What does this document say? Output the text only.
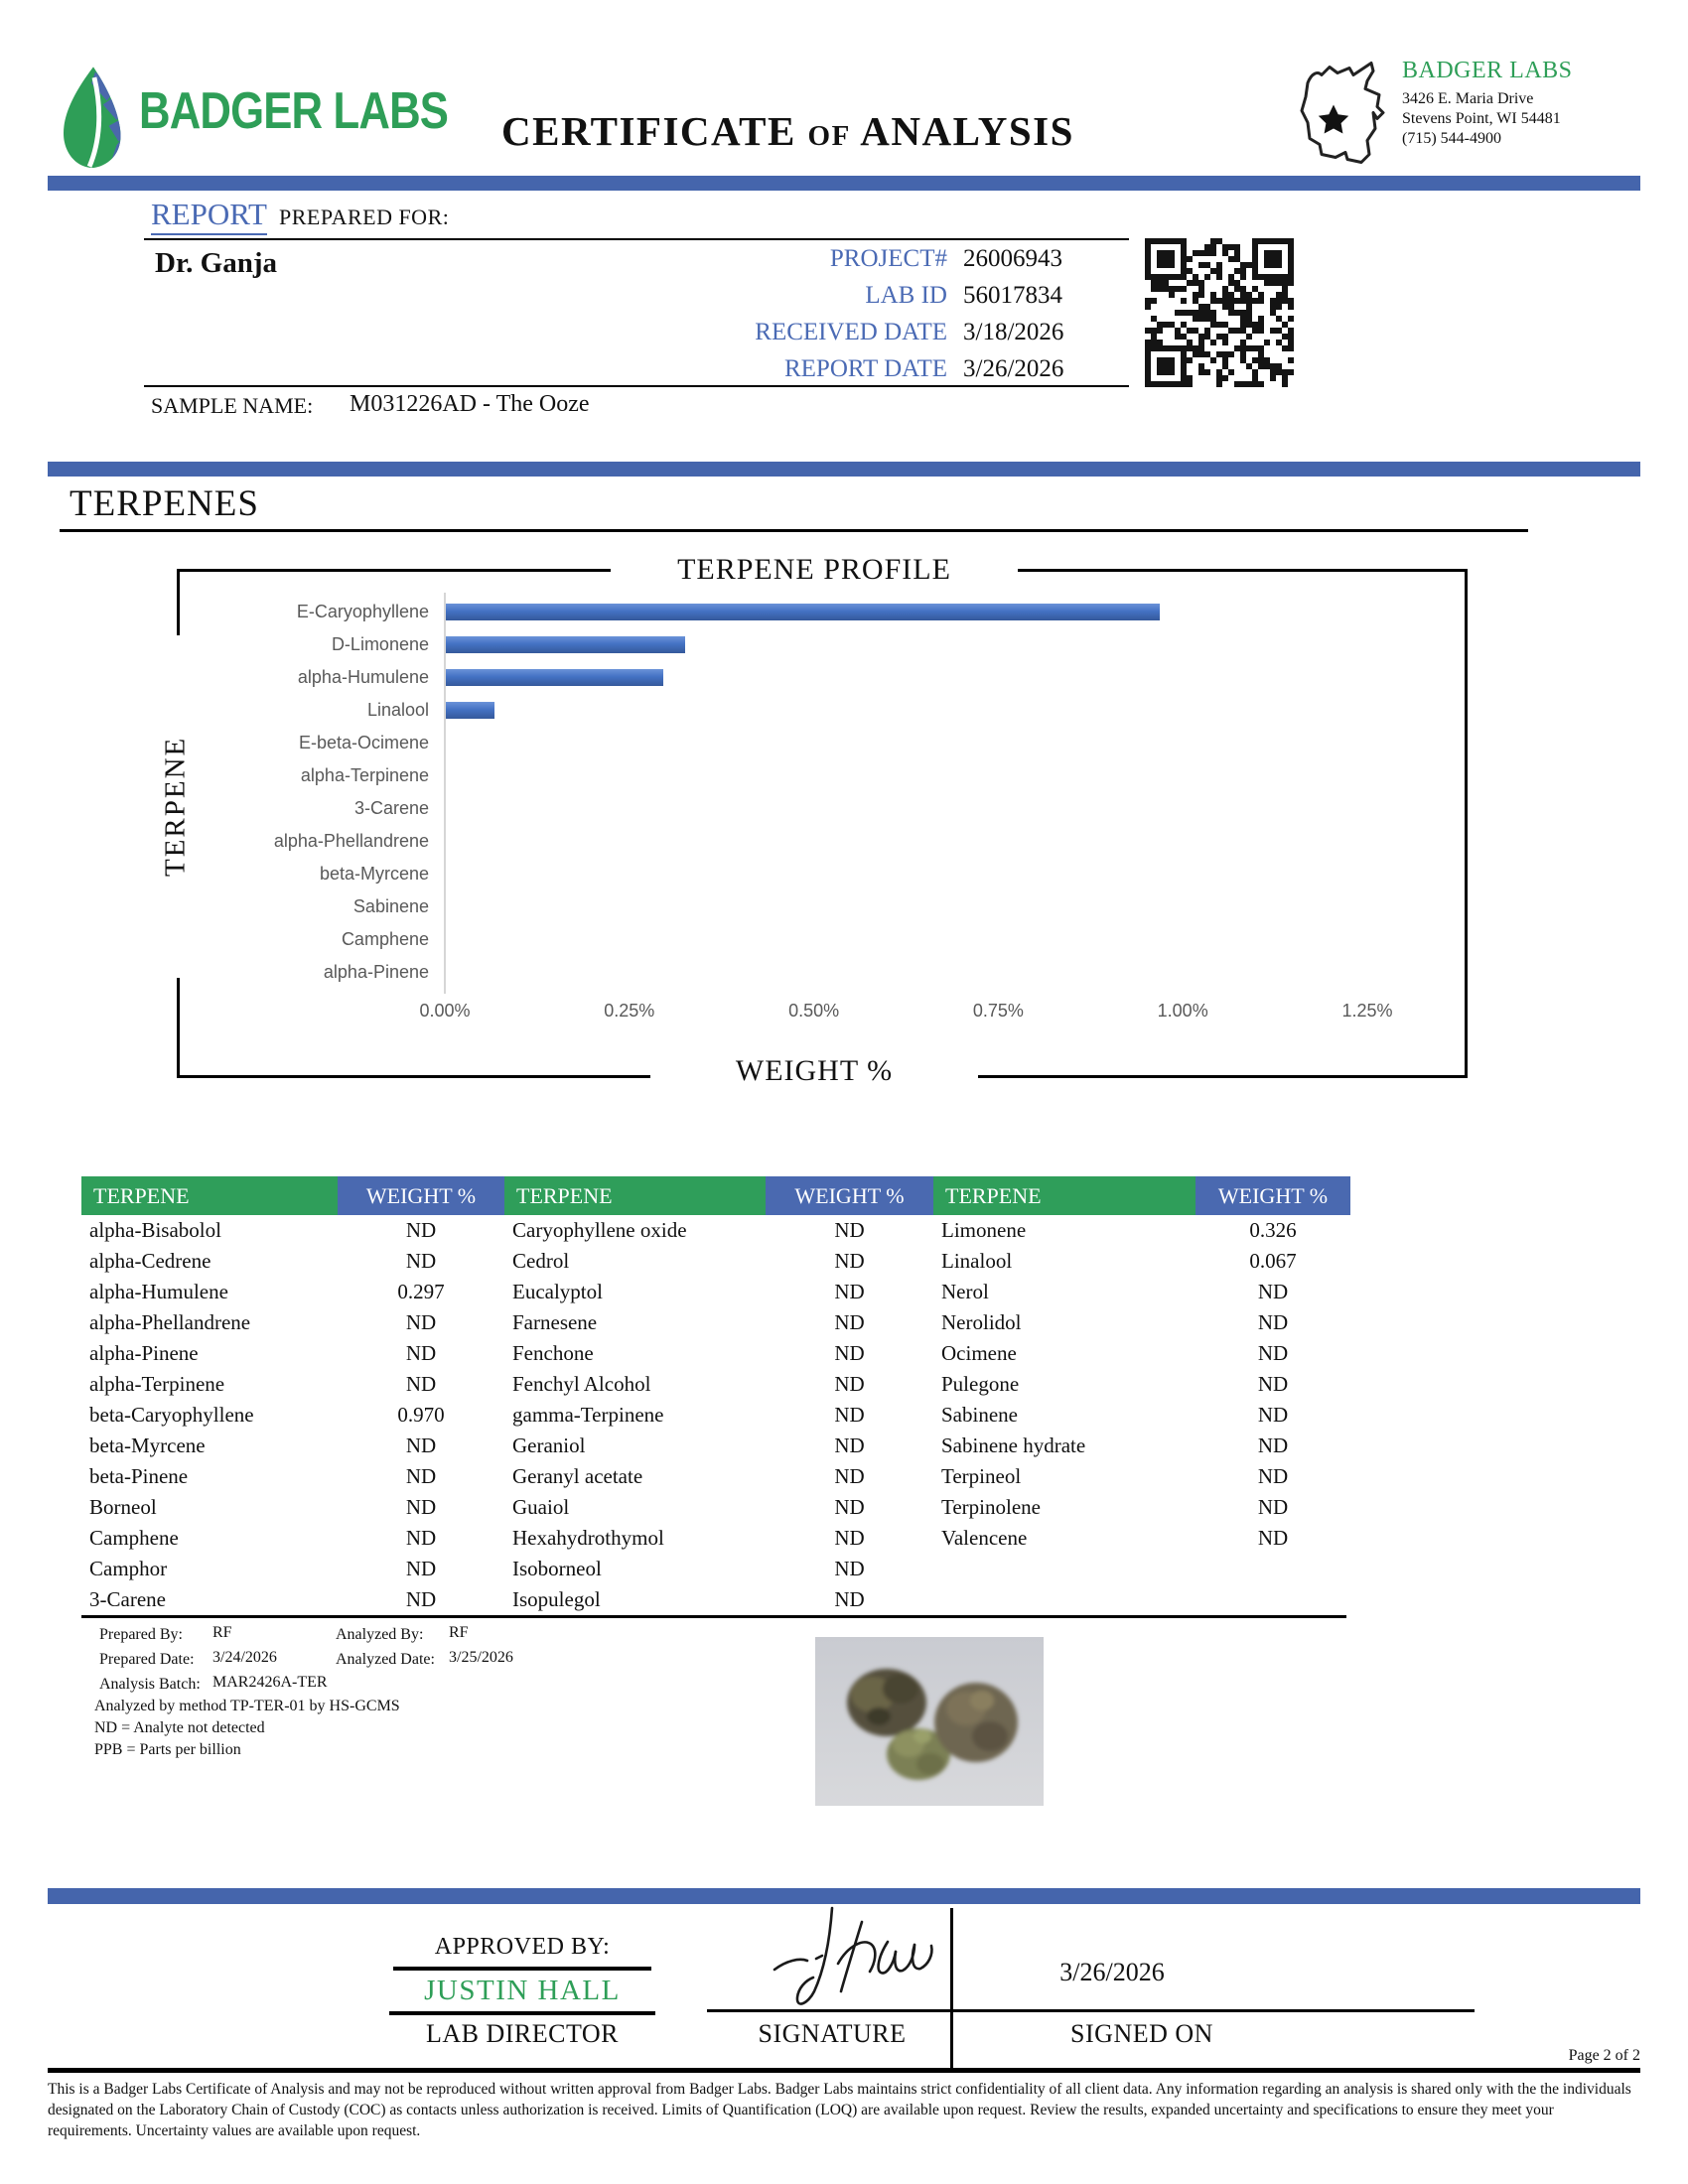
BADGER LABS CERTIFICATE of ANALYSIS
BADGER LABS
3426 E. Maria Drive
Stevens Point, WI 54481
(715) 544-4900
REPORT PREPARED FOR:
Dr. Ganja	PROJECT# 26006943
LAB ID 56017834
RECEIVED DATE 3/18/2026
REPORT DATE 3/26/2026
SAMPLE NAME: M031226AD - The Ooze
TERPENES
TERPENE PROFILE
TERPENE
E-Caryophyllene
D-Limonene
alpha-Humulene
Linalool
E-beta-Ocimene
alpha-Terpinene
3-Carene
alpha-Phellandrene
beta-Myrcene
Sabinene
Camphene
alpha-Pinene
0.00%	0.25%	0.50%	0.75%	1.00%	1.25%
WEIGHT %
TERPENE	WEIGHT %	TERPENE	WEIGHT %	TERPENE	WEIGHT %
alpha-Bisabolol	ND	Caryophyllene oxide	ND	Limonene	0.326
alpha-Cedrene	ND	Cedrol	ND	Linalool	0.067
alpha-Humulene	0.297	Eucalyptol	ND	Nerol	ND
alpha-Phellandrene	ND	Farnesene	ND	Nerolidol	ND
alpha-Pinene	ND	Fenchone	ND	Ocimene	ND
alpha-Terpinene	ND	Fenchyl Alcohol	ND	Pulegone	ND
beta-Caryophyllene	0.970	gamma-Terpinene	ND	Sabinene	ND
beta-Myrcene	ND	Geraniol	ND	Sabinene hydrate	ND
beta-Pinene	ND	Geranyl acetate	ND	Terpineol	ND
Borneol	ND	Guaiol	ND	Terpinolene	ND
Camphene	ND	Hexahydrothymol	ND	Valencene	ND
Camphor	ND	Isoborneol	ND
3-Carene	ND	Isopulegol	ND
Prepared By: RF	Analyzed By: RF
Prepared Date: 3/24/2026	Analyzed Date: 3/25/2026
Analysis Batch: MAR2426A-TER
Analyzed by method TP-TER-01 by HS-GCMS
ND = Analyte not detected
PPB = Parts per billion
APPROVED BY:
JUSTIN HALL
LAB DIRECTOR
3/26/2026
SIGNATURE	SIGNED ON
Page 2 of 2
This is a Badger Labs Certificate of Analysis and may not be reproduced without written approval from Badger Labs. Badger Labs maintains strict confidentiality of all client data. Any information regarding an analysis is shared only with the the individuals designated on the Laboratory Chain of Custody (COC) as contacts unless authorization is received. Limits of Quantification (LOQ) are available upon request. Review the results, expanded uncertainty and specifications to ensure they meet your requirements. Uncertainty values are available upon request.
